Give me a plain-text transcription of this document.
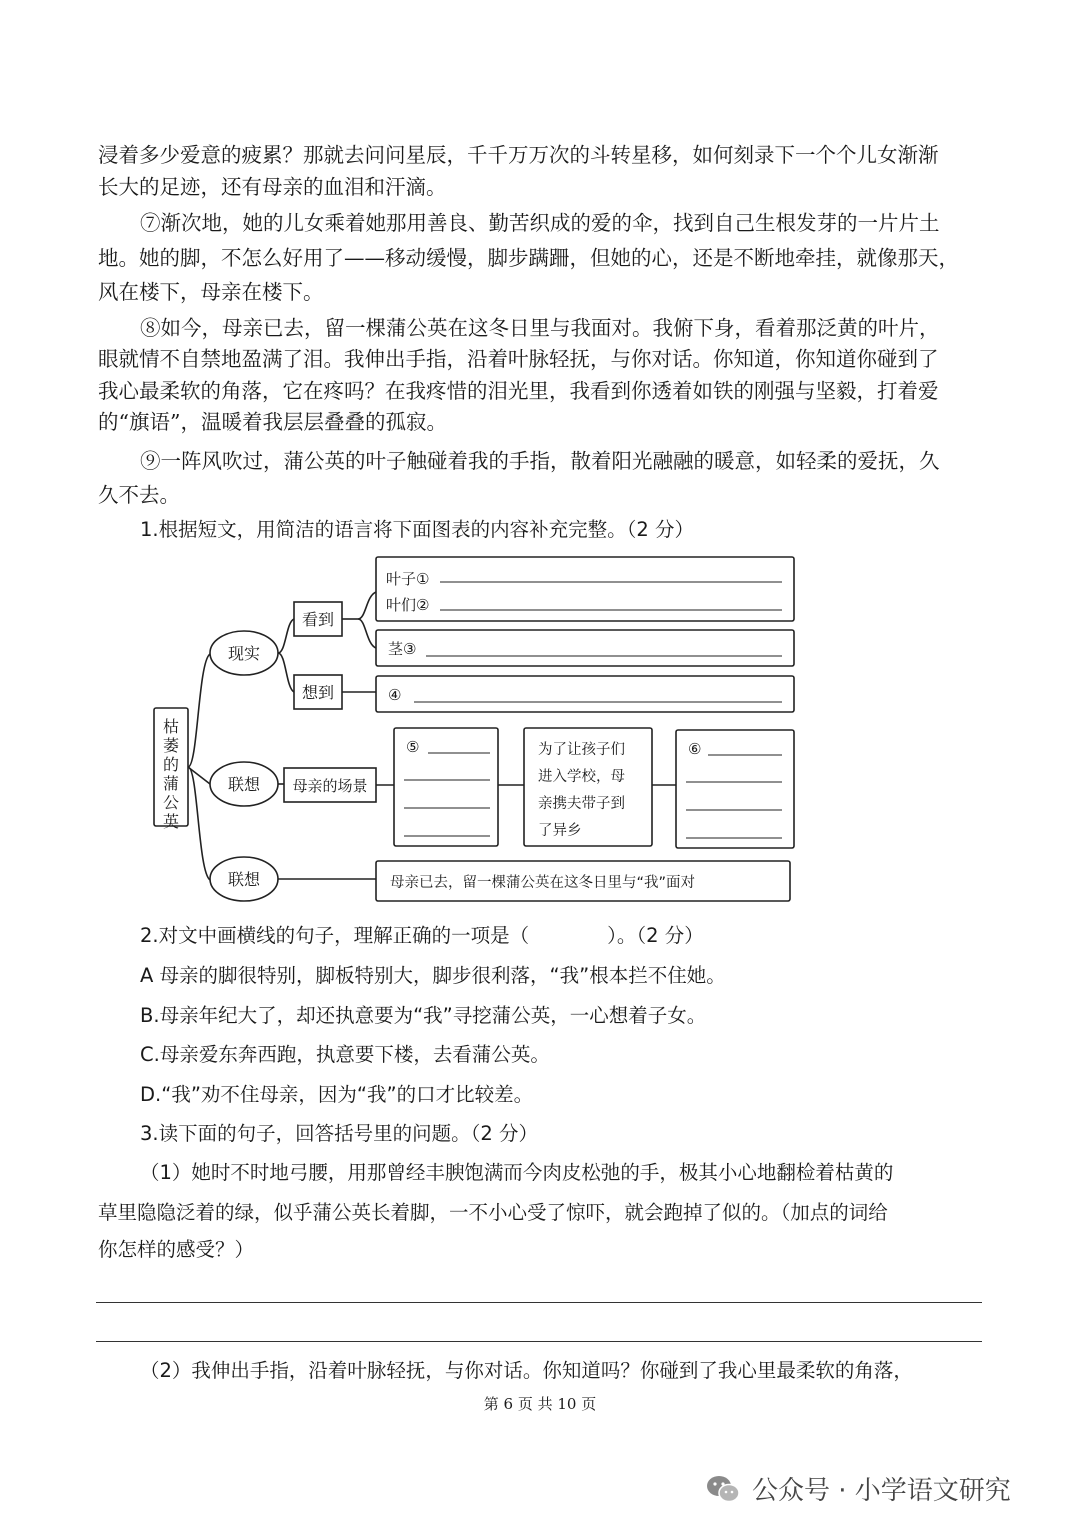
浸着多少爱意的疲累？那就去问问星辰，千千万万次的斗转星移，如何刻录下一个个儿女渐渐
长大的足迹，还有母亲的血泪和汗滴。
⑦渐次地，她的儿女乘着她那用善良、勤苦织成的爱的伞，找到自己生根发芽的一片片土
地。她的脚，不怎么好用了——移动缓慢，脚步蹒跚，但她的心，还是不断地牵挂，就像那天，
风在楼下，母亲在楼下。
⑧如今，母亲已去，留一棵蒲公英在这冬日里与我面对。我俯下身，看着那泛黄的叶片，
眼就情不自禁地盈满了泪。我伸出手指，沿着叶脉轻抚，与你对话。你知道，你知道你碰到了
我心最柔软的角落，它在疼吗？在我疼惜的泪光里，我看到你透着如铁的刚强与坚毅，打着爱
的“旗语”，温暖着我层层叠叠的孤寂。
⑨一阵风吹过，蒲公英的叶子触碰着我的手指，散着阳光融融的暖意，如轻柔的爱抚，久
久不去。
1.根据短文，用简洁的语言将下面图表的内容补充完整。（2 分）
枯
萎
的
蒲
公
英
现实
联想
联想
看到
想到
叶子①
叶们②
茎③
④
母亲的场景
⑤	为了让孩子们
进入学校，母
亲携夫带子到
了异乡
⑥
母亲已去，留一棵蒲公英在这冬日里与“我”面对
2.对文中画横线的句子，理解正确的一项是（　　　　）。（2 分）
A 母亲的脚很特别，脚板特别大，脚步很利落，“我”根本拦不住她。
B.母亲年纪大了，却还执意要为“我”寻挖蒲公英，一心想着子女。
C.母亲爱东奔西跑，执意要下楼，去看蒲公英。
D.“我”劝不住母亲，因为“我”的口才比较差。
3.读下面的句子，回答括号里的问题。（2 分）
（1）她时不时地弓腰，用那曾经丰腴饱满而今肉皮松弛的手，极其小心地翻检着枯黄的
草里隐隐泛着的绿，似乎蒲公英长着脚，一不小心受了惊吓，就会跑掉了似的。（加点的词给
你怎样的感受？）
（2）我伸出手指，沿着叶脉轻抚，与你对话。你知道吗？你碰到了我心里最柔软的角落，
第 6 页 共 10 页
公众号 · 小学语文研究
